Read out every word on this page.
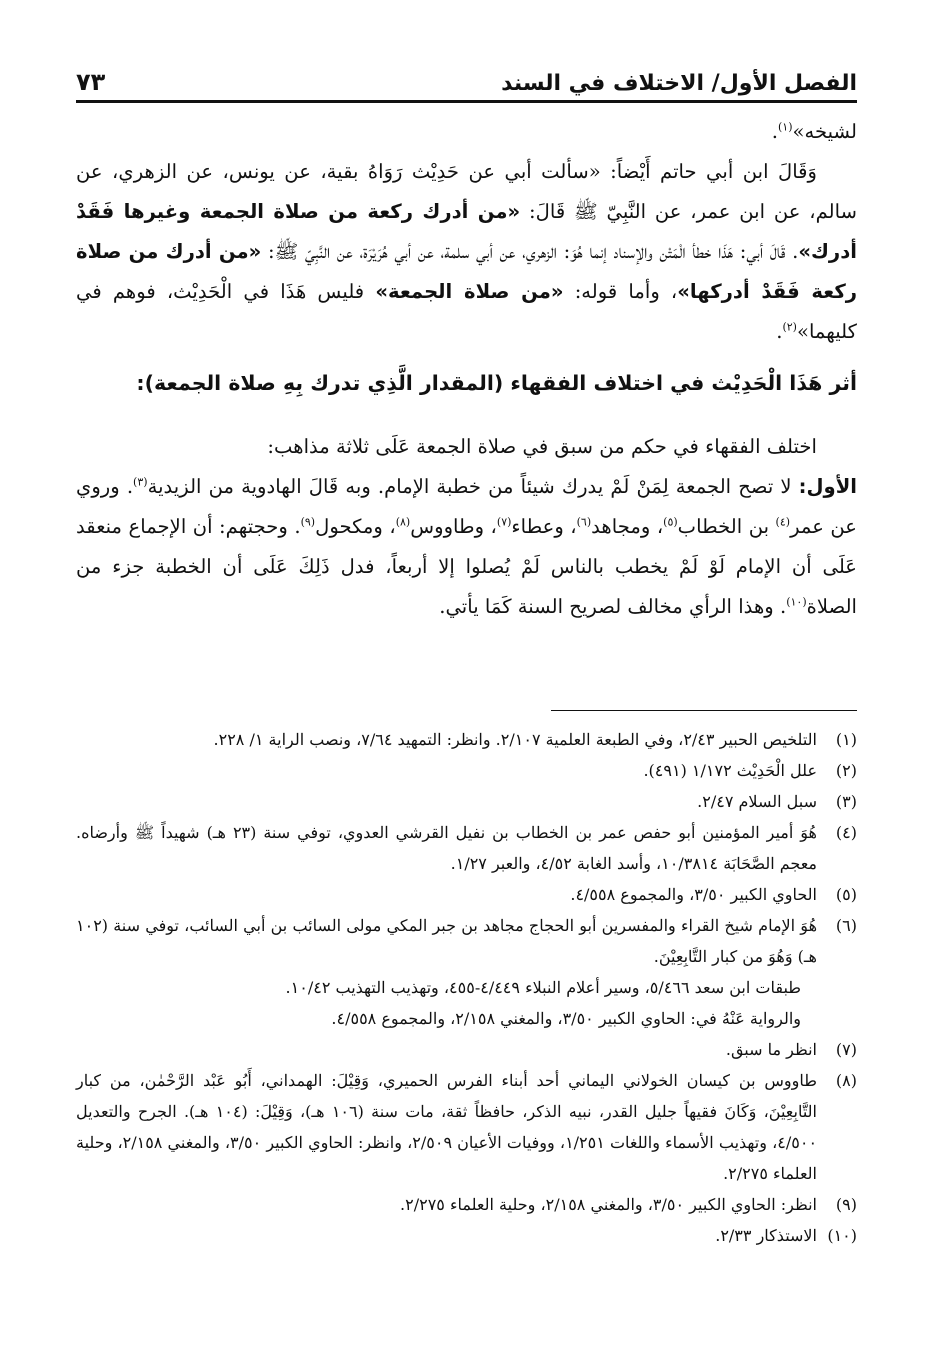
الفصل الأول/ الاختلاف في السند
٧٣

لشيخه»$^{(١)}$.

وَقَالَ ابن أبي حاتم أَيْضاً: «سألت أبي عن حَدِيْث رَوَاهُ بقية، عن يونس، عن الزهري، عن سالم، عن ابن عمر، عن النَّبِيّ ﷺ قَالَ: «من أدرك ركعة من صلاة الجمعة وغيرها فَقَدْ أدرك». قَالَ أبي: هَذَا خطأ الْمَتْن والإسناد إنما هُوَ: الزهري، عن أبي سلمة، عن أبي هُرَيْرَة، عن النَّبِيّ ﷺ: «من أدرك من صلاة ركعة فَقَدْ أدركها»، وأما قوله: «من صلاة الجمعة» فليس هَذَا في الْحَدِيْث، فوهم في كليهما»$^{(٢)}$.

أثر هَذَا الْحَدِيْث في اختلاف الفقهاء (المقدار الَّذِي تدرك بِهِ صلاة الجمعة):

اختلف الفقهاء في حكم من سبق في صلاة الجمعة عَلَى ثلاثة مذاهب:

الأول: لا تصح الجمعة لِمَنْ لَمْ يدرك شيئاً من خطبة الإمام. وبه قَالَ الهادوية من الزيدية$^{(٣)}$. وروي عن عمر$^{(٤)}$ بن الخطاب$^{(٥)}$، ومجاهد$^{(٦)}$، وعطاء$^{(٧)}$، وطاووس$^{(٨)}$، ومكحول$^{(٩)}$. وحجتهم: أن الإجماع منعقد عَلَى أن الإمام لَوْ لَمْ يخطب بالناس لَمْ يُصلوا إلا أربعاً، فدل ذَلِكَ عَلَى أن الخطبة جزء من الصلاة$^{(١٠)}$. وهذا الرأي مخالف لصريح السنة كَمَا يأتي.

(١)
التلخيص الحبير ٢/٤٣، وفي الطبعة العلمية ٢/١٠٧. وانظر: التمهيد ٧/٦٤، ونصب الراية ١/ ٢٢٨.

(٢)
علل الْحَدِيْث ١/١٧٢ (٤٩١).

(٣)
سبل السلام ٢/٤٧.

(٤)
هُوَ أمير المؤمنين أبو حفص عمر بن الخطاب بن نفيل القرشي العدوي، توفي سنة (٢٣ هـ) شهيداً ﷺ وأرضاه. معجم الصَّحَابَة ١٠/٣٨١٤، وأسد الغابة ٤/٥٢، والعبر ١/٢٧.

(٥)
الحاوي الكبير ٣/٥٠، والمجموع ٤/٥٥٨.

(٦)
هُوَ الإمام شيخ القراء والمفسرين أبو الحجاج مجاهد بن جبر المكي مولى السائب بن أبي السائب، توفي سنة (١٠٢ هـ) وَهُوَ من كبار التَّابِعِيْنَ.
طبقات ابن سعد ٥/٤٦٦، وسير أعلام النبلاء ٤/٤٤٩-٤٥٥، وتهذيب التهذيب ١٠/٤٢.
والرواية عَنْهُ في: الحاوي الكبير ٣/٥٠، والمغني ٢/١٥٨، والمجموع ٤/٥٥٨.

(٧)
انظر ما سبق.

(٨)
طاووس بن كيسان الخولاني اليماني أحد أبناء الفرس الحميري، وَقِيْلَ: الهمداني، أَبُو عَبْد الرَّحْمٰن، من كبار التَّابِعِيْنَ، وَكَانَ فقيهاً جليل القدر، نبيه الذكر، حافظاً ثقة، مات سنة (١٠٦ هـ)، وَقِيْلَ: (١٠٤ هـ). الجرح والتعديل ٤/٥٠٠، وتهذيب الأسماء واللغات ١/٢٥١، ووفيات الأعيان ٢/٥٠٩، وانظر: الحاوي الكبير ٣/٥٠، والمغني ٢/١٥٨، وحلية العلماء ٢/٢٧٥.

(٩)
انظر: الحاوي الكبير ٣/٥٠، والمغني ٢/١٥٨، وحلية العلماء ٢/٢٧٥.

(١٠)
الاستذكار ٢/٣٣.
